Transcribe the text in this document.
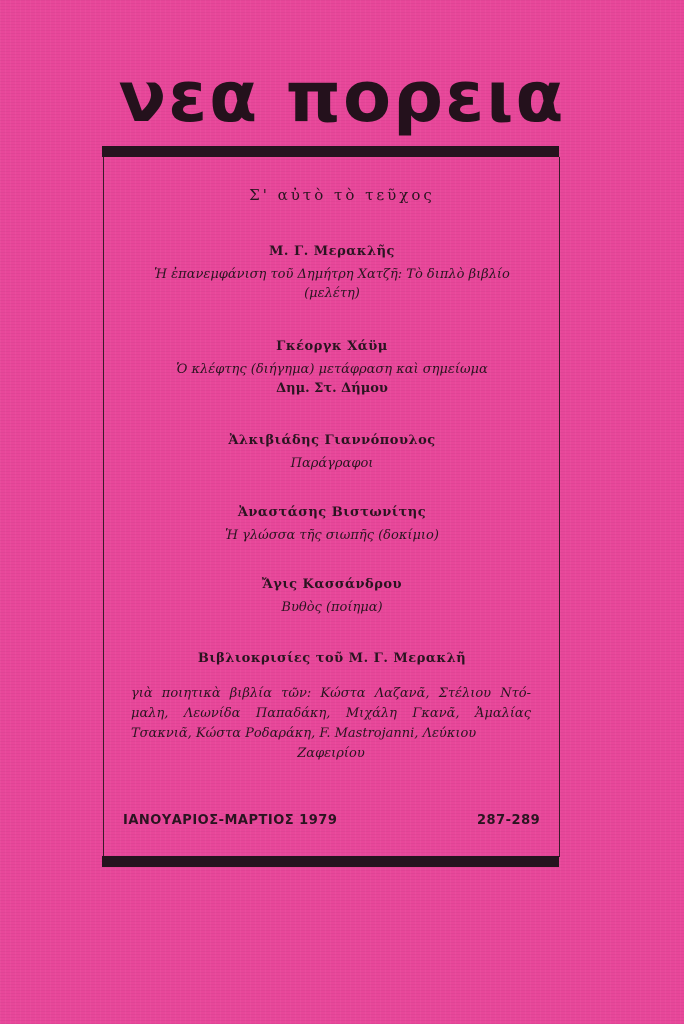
νεα πορεια
Σ' αὐτὸ τὸ τεῦχος
Μ. Γ. Μερακλῆς
Ἡ ἐπανεμφάνιση τοῦ Δημήτρη Χατζῆ: Τὸ διπλὸ βιβλίο
(μελέτη)
Γκέοργκ Χάϋμ
Ὁ κλέφτης (διήγημα) μετάφραση καὶ σημείωμα
Δημ. Στ. Δήμου
Ἀλκιβιάδης Γιαννόπουλος
Παράγραφοι
Ἀναστάσης Βιστωνίτης
Ἡ γλώσσα τῆς σιωπῆς (δοκίμιο)
Ἄγις Κασσάνδρου
Βυθὸς (ποίημα)
Βιβλιοκρισίες τοῦ Μ. Γ. Μερακλῆ
γιὰ ποιητικὰ βιβλία τῶν: Κώστα Λαζανᾶ, Στέλιου Ντό-μαλη, Λεωνίδα Παπαδάκη, Μιχάλη Γκανᾶ, Ἀμαλίας Τσακνιᾶ, Κώστα Ροδαράκη, F. Mastrojanni, Λεύκιου
Ζαφειρίου
ΙΑΝΟΥΑΡΙΟΣ-ΜΑΡΤΙΟΣ 1979	287-289
